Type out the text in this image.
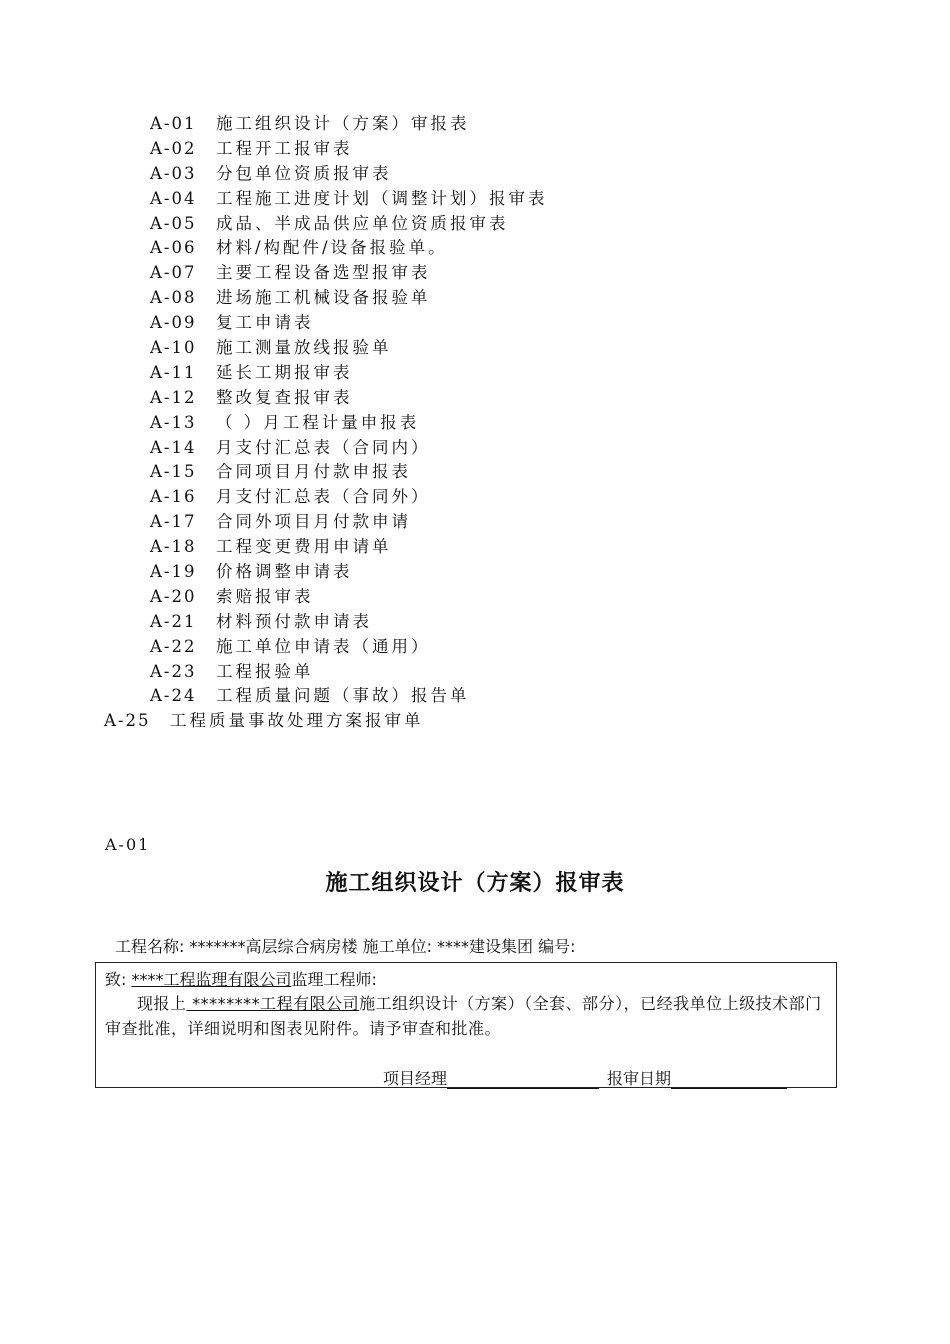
A-01 施工组织设计（方案）审报表
A-02 工程开工报审表
A-03 分包单位资质报审表
A-04 工程施工进度计划（调整计划）报审表
A-05 成品、半成品供应单位资质报审表
A-06 材料/构配件/设备报验单。
A-07 主要工程设备选型报审表
A-08 进场施工机械设备报验单
A-09 复工申请表
A-10 施工测量放线报验单
A-11 延长工期报审表
A-12 整改复查报审表
A-13 （ ）月工程计量申报表
A-14 月支付汇总表（合同内）
A-15 合同项目月付款申报表
A-16 月支付汇总表（合同外）
A-17 合同外项目月付款申请
A-18 工程变更费用申请单
A-19 价格调整申请表
A-20 索赔报审表
A-21 材料预付款申请表
A-22 施工单位申请表（通用）
A-23 工程报验单
A-24 工程质量问题（事故）报告单
A-25 工程质量事故处理方案报审单
A-01
施工组织设计（方案）报审表
工程名称: *******高层综合病房楼 施工单位: ****建设集团 编号:
致: ****工程监理有限公司监理工程师:
现报上 ********工程有限公司施工组织设计（方案）（全套、部分），已经我单位上级技术部门审查批准，详细说明和图表见附件。请予审查和批准。
项目经理	报审日期
